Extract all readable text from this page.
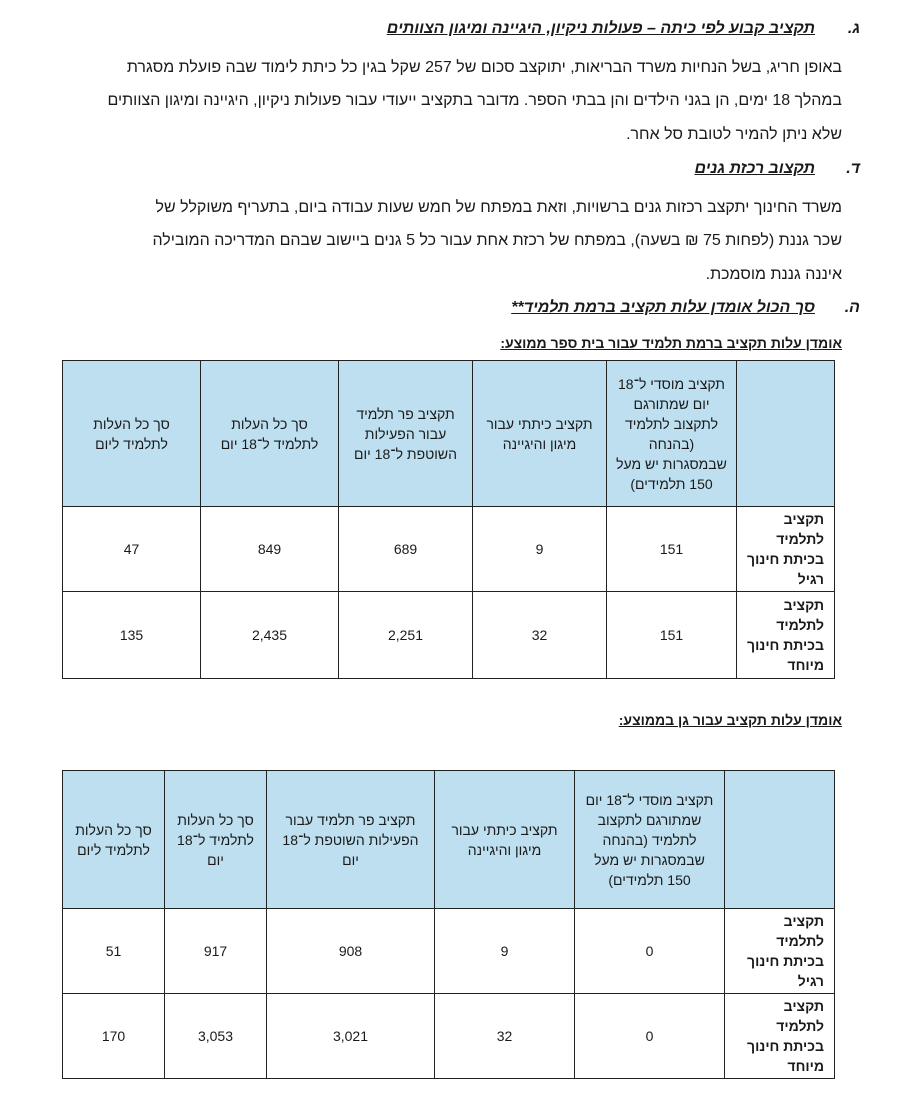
ג.
תקציב קבוע לפי כיתה – פעולות ניקיון, היגיינה ומיגון הצוותים
באופן חריג, בשל הנחיות משרד הבריאות, יתוקצב סכום של 257 שקל בגין כל כיתת לימוד שבה פועלת מסגרת
במהלך 18 ימים, הן בגני הילדים והן בבתי הספר. מדובר בתקציב ייעודי עבור פעולות ניקיון, היגיינה ומיגון הצוותים
שלא ניתן להמיר לטובת סל אחר.
ד.
תקצוב רכזת גנים
משרד החינוך יתקצב רכזות גנים ברשויות, וזאת במפתח של חמש שעות עבודה ביום, בתעריף משוקלל של
שכר גננת (לפחות 75 ₪ בשעה), במפתח של רכזת אחת עבור כל 5 גנים ביישוב שבהם המדריכה המובילה
איננה גננת מוסמכת.
ה.
סך הכול אומדן עלות תקציב ברמת תלמיד**
אומדן עלות תקציב ברמת תלמיד עבור בית ספר ממוצע:
	תקציב מוסדי ל־18 יום שמתורגם לתקצוב לתלמיד (בהנחה שבמסגרות יש מעל 150 תלמידים)	תקציב כיתתי עבור מיגון והיגיינה	תקציב פר תלמיד עבור הפעילות השוטפת ל־18 יום	סך כל העלות לתלמיד ל־18 יום	סך כל העלות לתלמיד ליום
תקציב לתלמיד בכיתת חינוך רגיל	151	9	689	849	47
תקציב לתלמיד בכיתת חינוך מיוחד	151	32	2,251	2,435	135
אומדן עלות תקציב עבור גן בממוצע:
	תקציב מוסדי ל־18 יום שמתורגם לתקצוב לתלמיד (בהנחה שבמסגרות יש מעל 150 תלמידים)	תקציב כיתתי עבור מיגון והיגיינה	תקציב פר תלמיד עבור הפעילות השוטפת ל־18 יום	סך כל העלות לתלמיד ל־18 יום	סך כל העלות לתלמיד ליום
תקציב לתלמיד בכיתת חינוך רגיל	0	9	908	917	51
תקציב לתלמיד בכיתת חינוך מיוחד	0	32	3,021	3,053	170
